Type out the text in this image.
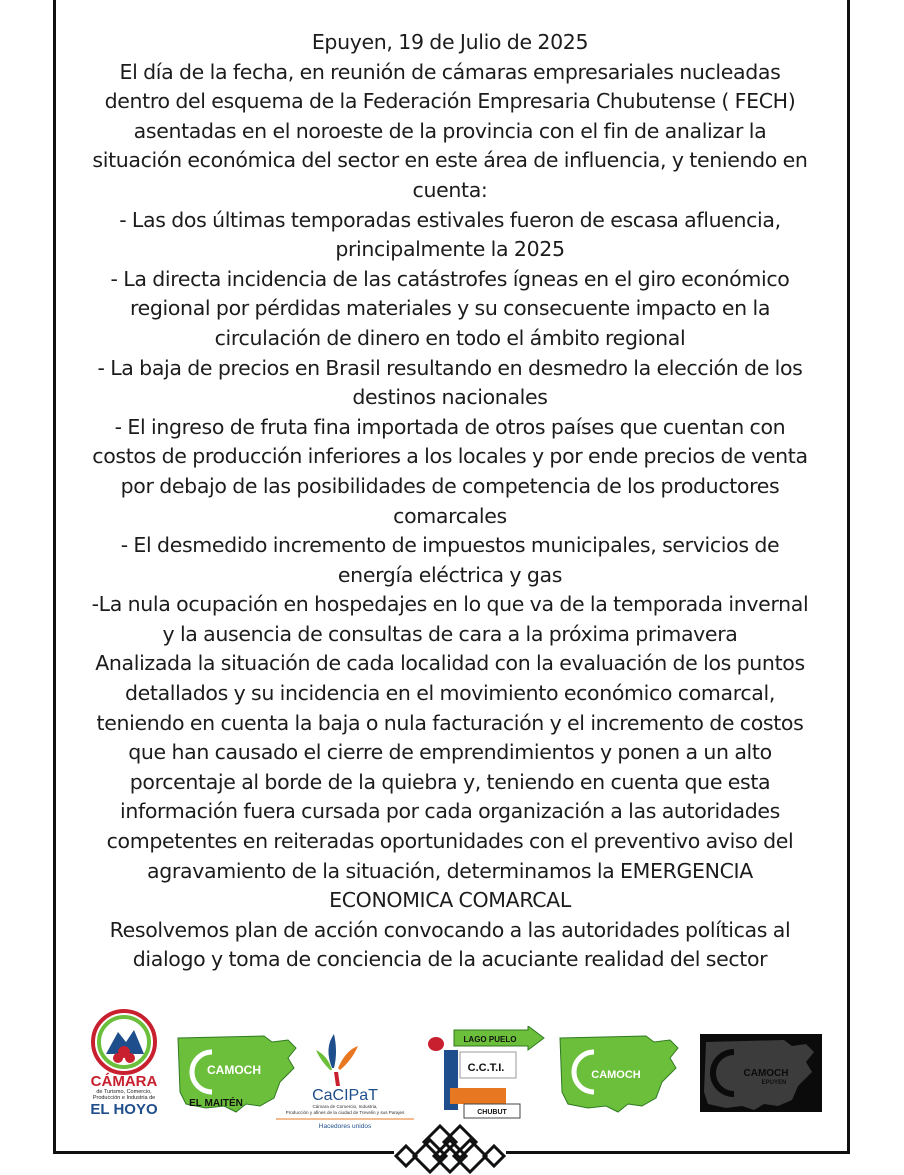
Epuyen, 19 de Julio de 2025

El día de la fecha, en reunión de cámaras empresariales nucleadas

dentro del esquema de la Federación Empresaria Chubutense ( FECH)

asentadas en el noroeste de la provincia con el fin de analizar la

situación económica del sector en este área de influencia, y teniendo en

cuenta:

- Las dos últimas temporadas estivales fueron de escasa afluencia,

principalmente la 2025

- La directa incidencia de las catástrofes ígneas en el giro económico

regional por pérdidas materiales y su consecuente impacto en la

circulación de dinero en todo el ámbito regional

- La baja de precios en Brasil resultando en desmedro la elección de los

destinos nacionales

- El ingreso de fruta fina importada de otros países que cuentan con

costos de producción inferiores a los locales y por ende precios de venta

por debajo de las posibilidades de competencia de los productores

comarcales

- El desmedido incremento de impuestos municipales, servicios de

energía eléctrica y gas

-La nula ocupación en hospedajes en lo que va de la temporada invernal

y la ausencia de consultas de cara a la próxima primavera

Analizada la situación de cada localidad con la evaluación de los puntos

detallados y su incidencia en el movimiento económico comarcal,

teniendo en cuenta la baja o nula facturación y el incremento de costos

que han causado el cierre de emprendimientos y ponen a un alto

porcentaje al borde de la quiebra y, teniendo en cuenta que esta

información fuera cursada por cada organización a las autoridades

competentes en reiteradas oportunidades con el preventivo aviso del

agravamiento de la situación, determinamos la EMERGENCIA

ECONOMICA COMARCAL

Resolvemos plan de acción convocando a las autoridades políticas al

dialogo y toma de conciencia de la acuciante realidad del sector

CÁMARA
de Turismo, Comercio,
Producción e Industria de
EL HOYO
CAMOCH
EL MAITÉN	CaCIPaT
Cámara de Comercio, Industria,
Producción y afines de la ciudad de Trevelin y sus Parajes
Hacedores unidos
LAGO PUELO
C.C.T.I.
CHUBUT
CAMOCH	CAMOCH
EPUYEN
